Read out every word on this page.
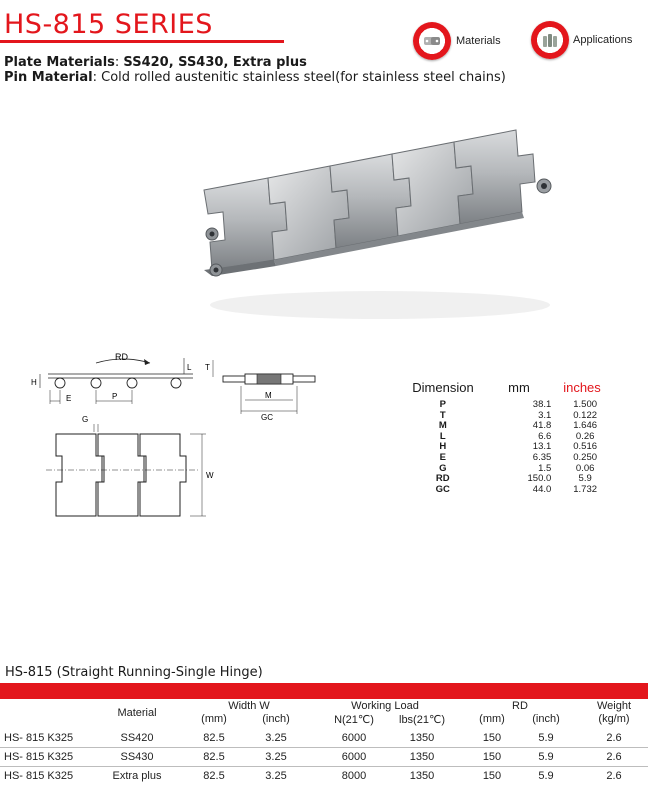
HS-815 SERIES
Materials	Applications
Plate Materials: SS420, SS430, Extra plus
Pin Material: Cold rolled austenitic stainless steel(for stainless steel chains)
RD
H
L
E	P
T
M
GC
G
W
Dimension	mm	inches
P	38.1	1.500
T	3.1	0.122
M	41.8	1.646
L	6.6	0.26
H	13.1	0.516
E	6.35	0.250
G	1.5	0.06
RD	150.0	5.9
GC	44.0	1.732
HS-815 (Straight Running-Single Hinge)
Material
Width W
(mm)	(inch)
Working Load
N(21℃)	lbs(21℃)
RD
(mm)	(inch)
Weight
(kg/m)
HS- 815 K325	SS420	82.5	3.25	6000	1350	150	5.9	2.6
HS- 815 K325	SS430	82.5	3.25	6000	1350	150	5.9	2.6
HS- 815 K325	Extra plus	82.5	3.25	8000	1350	150	5.9	2.6
